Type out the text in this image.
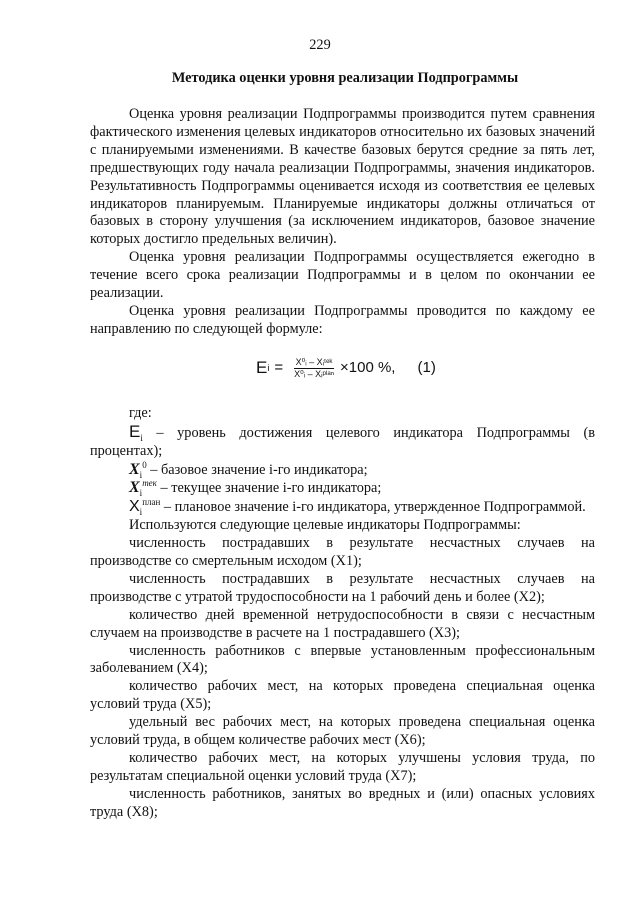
229
Методика оценки уровня реализации Подпрограммы

Оценка уровня реализации Подпрограммы производится путем сравнения фактического изменения целевых индикаторов относительно их базовых значений с планируемыми изменениями. В качестве базовых берутся средние за пять лет, предшествующих году начала реализации Подпрограммы, значения индикаторов. Результативность Подпрограммы оценивается исходя из соответствия ее целевых индикаторов планируемым. Планируемые индикаторы должны отличаться от базовых в сторону улучшения (за исключением индикаторов, базовое значение которых достигло предельных величин).

Оценка уровня реализации Подпрограммы осуществляется ежегодно в течение всего срока реализации Подпрограммы и в целом по окончании ее реализации.

Оценка уровня реализации Подпрограммы проводится по каждому ее направлению по следующей формуле:

E $i = \frac{\text{X⁰ᵢ – Xᵢᵗᵉᵏ}}{\text{X⁰ᵢ – Xᵢᵖˡᵃⁿ}} \times 100$ %, (1)

где:

$E_i$ – уровень достижения целевого индикатора Подпрограммы (в процентах);

$X_i^0$ – базовое значение i-го индикатора;

$X_i^{тек}$ – текущее значение i-го индикатора;

$X_i^{план}$ – плановое значение i-го индикатора, утвержденное Подпрограммой.

Используются следующие целевые индикаторы Подпрограммы:

численность пострадавших в результате несчастных случаев на производстве со смертельным исходом (X1);

численность пострадавших в результате несчастных случаев на производстве с утратой трудоспособности на 1 рабочий день и более (X2);

количество дней временной нетрудоспособности в связи с несчастным случаем на производстве в расчете на 1 пострадавшего (X3);

численность работников с впервые установленным профессиональным заболеванием (X4);

количество рабочих мест, на которых проведена специальная оценка условий труда (X5);

удельный вес рабочих мест, на которых проведена специальная оценка условий труда, в общем количестве рабочих мест (X6);

количество рабочих мест, на которых улучшены условия труда, по результатам специальной оценки условий труда (X7);

численность работников, занятых во вредных и (или) опасных условиях труда (X8);
